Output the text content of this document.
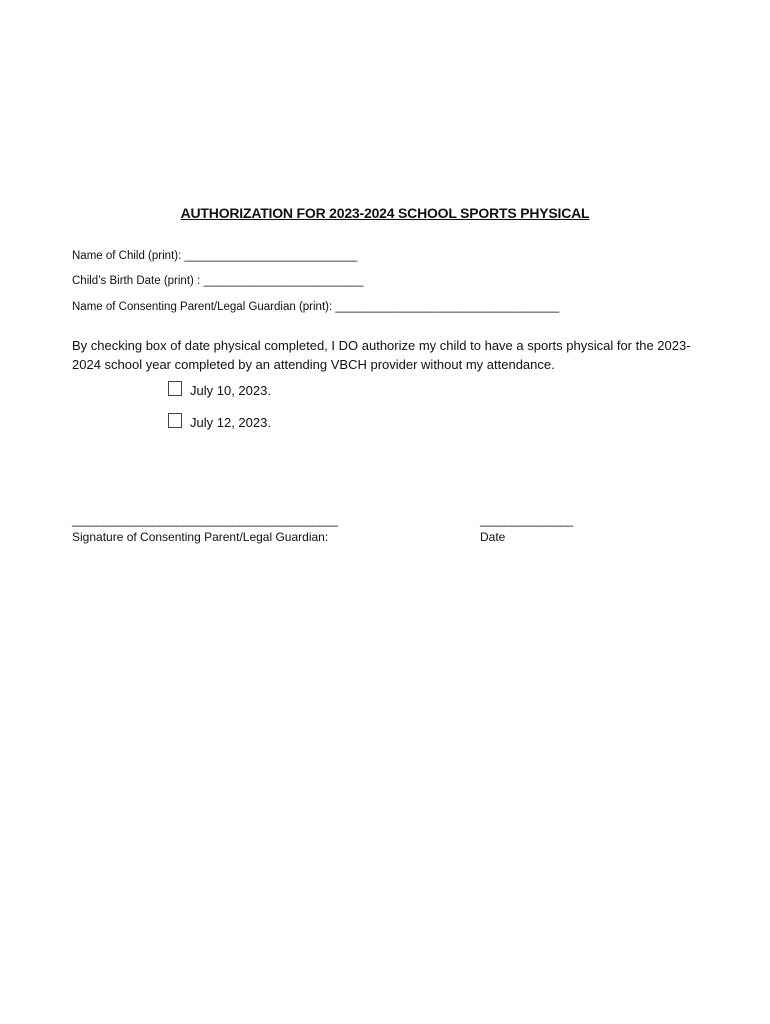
AUTHORIZATION FOR 2023-2024 SCHOOL SPORTS PHYSICAL
Name of Child (print): ___________________________
Child’s Birth Date (print) : _________________________
Name of Consenting Parent/Legal Guardian (print): ___________________________________
By checking box of date physical completed, I DO authorize my child to have a sports physical for the 2023-2024 school year completed by an attending VBCH provider without my attendance.
July 10, 2023.
July 12, 2023.
___________________________________________	_______________
Signature of Consenting Parent/Legal Guardian:	Date
